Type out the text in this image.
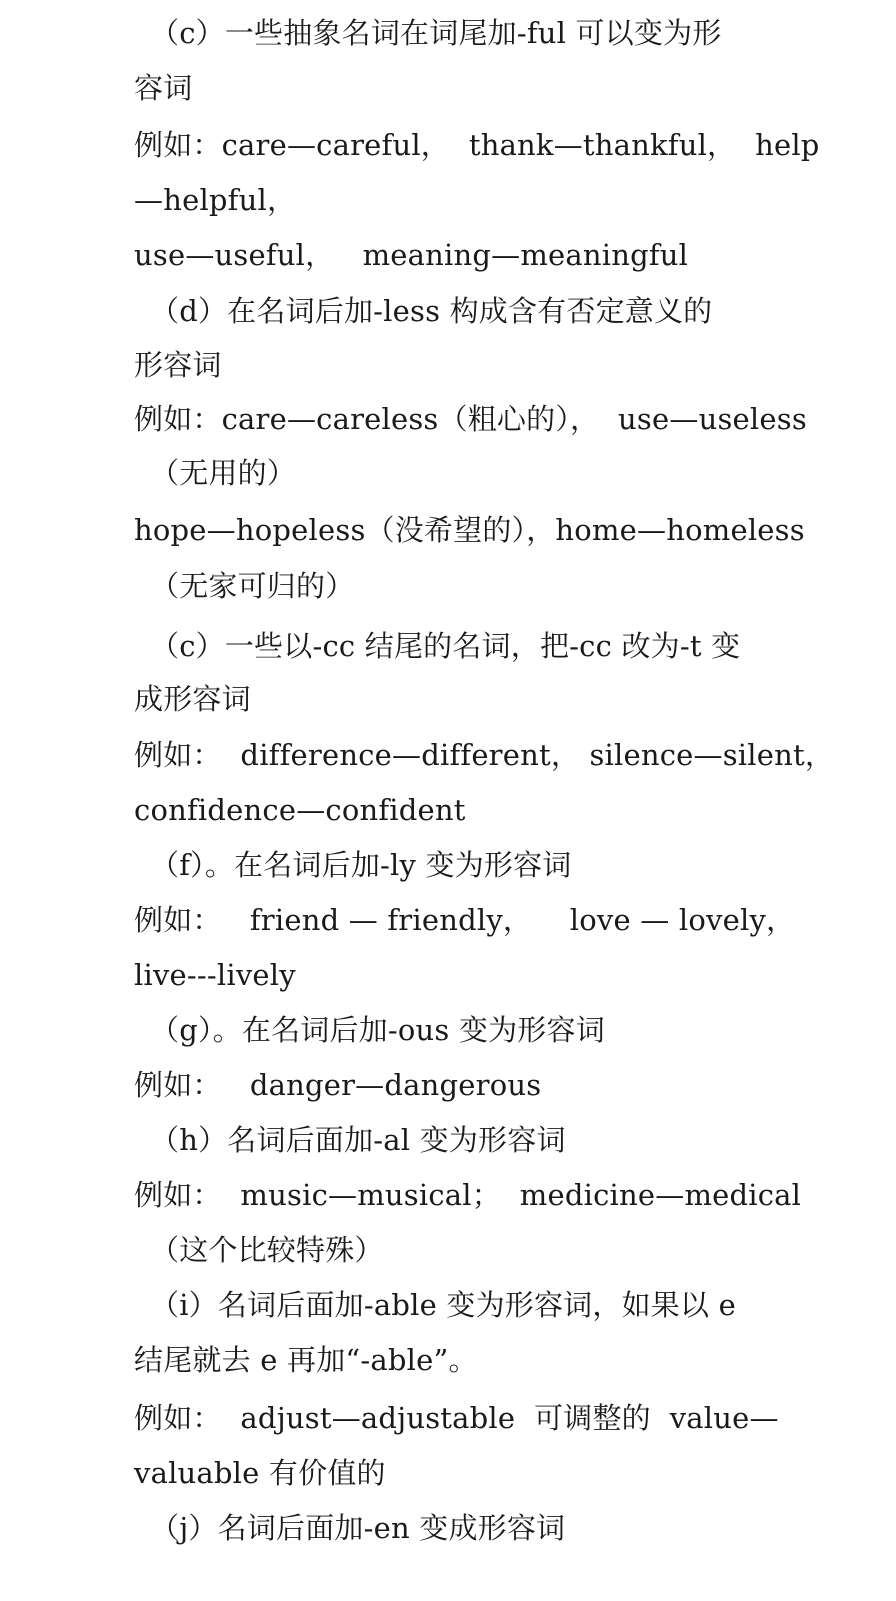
（c）一些抽象名词在词尾加-ful 可以变为形
容词
例如：care—careful，  thank—thankful，  help
—helpful，
use—useful，   meaning—meaningful
（d）在名词后加-less 构成含有否定意义的
形容词
例如：care—careless（粗心的），  use—useless
（无用的）
hope—hopeless（没希望的），home—homeless
（无家可归的）
（c）一些以-cc 结尾的名词，把-cc 改为-t 变
成形容词
例如：  difference—different， silence—silent，
confidence—confident
（f）。在名词后加-ly 变为形容词
例如：   friend — friendly，    love — lovely，
live---lively
（g）。在名词后加-ous 变为形容词
例如：   danger—dangerous
（h）名词后面加-al 变为形容词
例如：  music—musical；  medicine—medical
（这个比较特殊）
（i）名词后面加-able 变为形容词，如果以 e
结尾就去 e 再加“-able”。
例如：  adjust—adjustable  可调整的  value—
valuable 有价值的
（j）名词后面加-en 变成形容词
